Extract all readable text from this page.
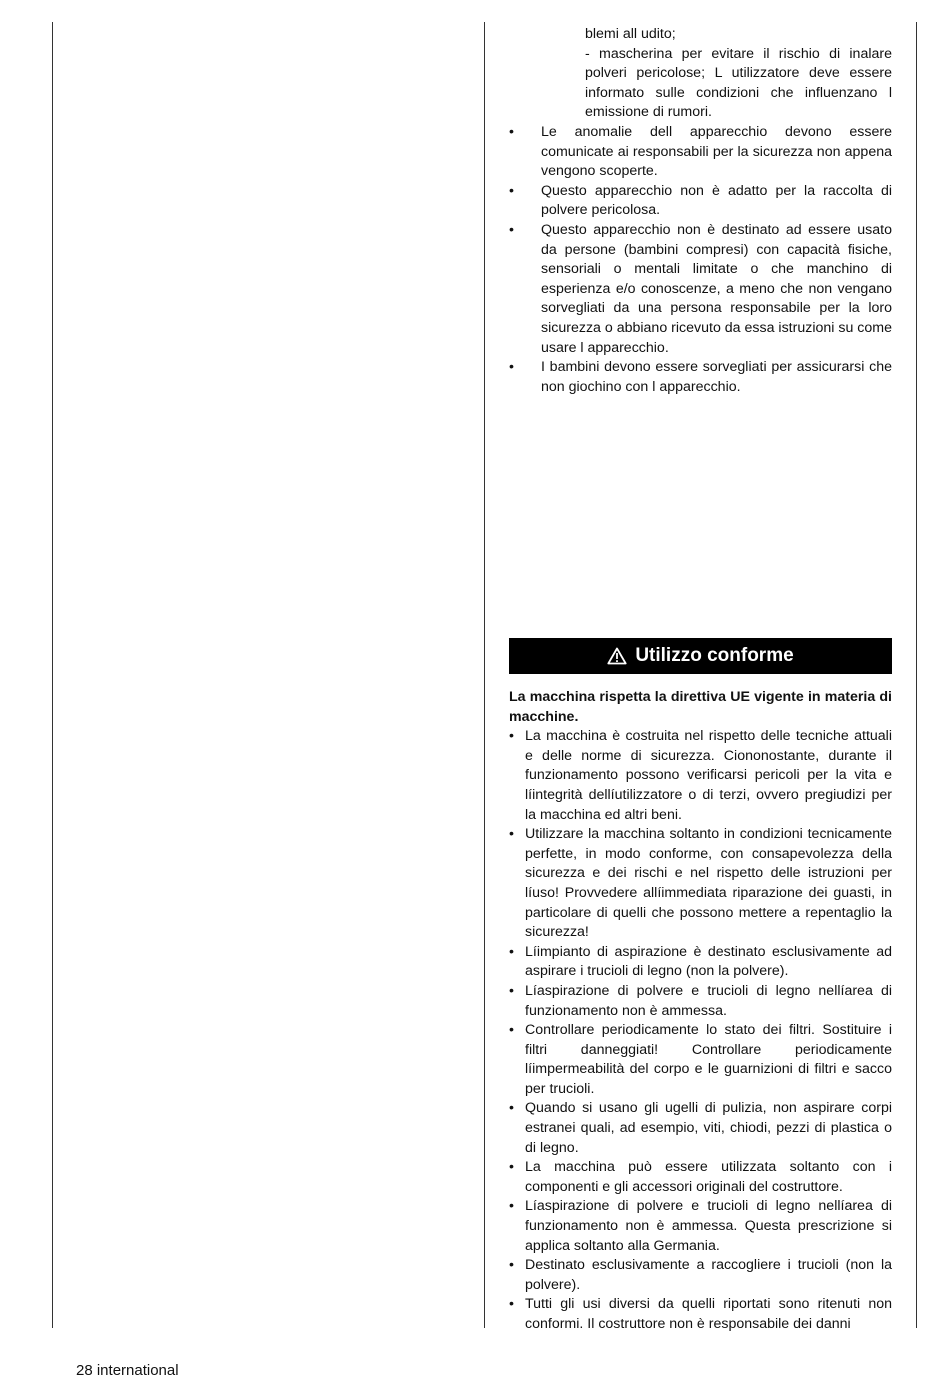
blemi all udito;
- mascherina per evitare il rischio di inalare polveri pericolose; L utilizzatore deve essere informato sulle condizioni che influenzano l emissione di rumori.
• Le anomalie dell apparecchio devono essere comunicate ai responsabili per la sicurezza non appena vengono scoperte.
• Questo apparecchio non è adatto per la raccolta di polvere pericolosa.
• Questo apparecchio non è destinato ad essere usato da persone (bambini compresi) con capacità fisiche, sensoriali o mentali limitate o che manchino di esperienza e/o conoscenze, a meno che non vengano sorvegliati da una persona responsabile per la loro sicurezza o abbiano ricevuto da essa istruzioni su come usare l apparecchio.
• I bambini devono essere sorvegliati per assicurarsi che non giochino con l apparecchio.
Utilizzo conforme
La macchina rispetta la direttiva UE vigente in materia di macchine.
• La macchina è costruita nel rispetto delle tecniche attuali e delle norme di sicurezza. Ciononostante, durante il funzionamento possono verificarsi pericoli per la vita e líintegrità dellíutilizzatore o di terzi, ovvero pregiudizi per la macchina ed altri beni.
• Utilizzare la macchina soltanto in condizioni tecnicamente perfette, in modo conforme, con consapevolezza della sicurezza e dei rischi e nel rispetto delle istruzioni per líuso! Provvedere allíimmediata riparazione dei guasti, in particolare di quelli che possono mettere a repentaglio la sicurezza!
• Líimpianto di aspirazione è destinato esclusivamente ad aspirare i trucioli di legno (non la polvere).
• Líaspirazione di polvere e trucioli di legno nellíarea di funzionamento non è ammessa.
• Controllare periodicamente lo stato dei filtri. Sostituire i filtri danneggiati! Controllare periodicamente líimpermeabilità del corpo e le guarnizioni di filtri e sacco per trucioli.
• Quando si usano gli ugelli di pulizia, non aspirare corpi estranei quali, ad esempio, viti, chiodi, pezzi di plastica o di legno.
• La macchina può essere utilizzata soltanto con i componenti e gli accessori originali del costruttore.
• Líaspirazione di polvere e trucioli di legno nellíarea di funzionamento non è ammessa. Questa prescrizione si applica soltanto alla Germania.
• Destinato esclusivamente a raccogliere i trucioli (non la polvere).
• Tutti gli usi diversi da quelli riportati sono ritenuti non conformi. Il costruttore non è responsabile dei danni
28 international
